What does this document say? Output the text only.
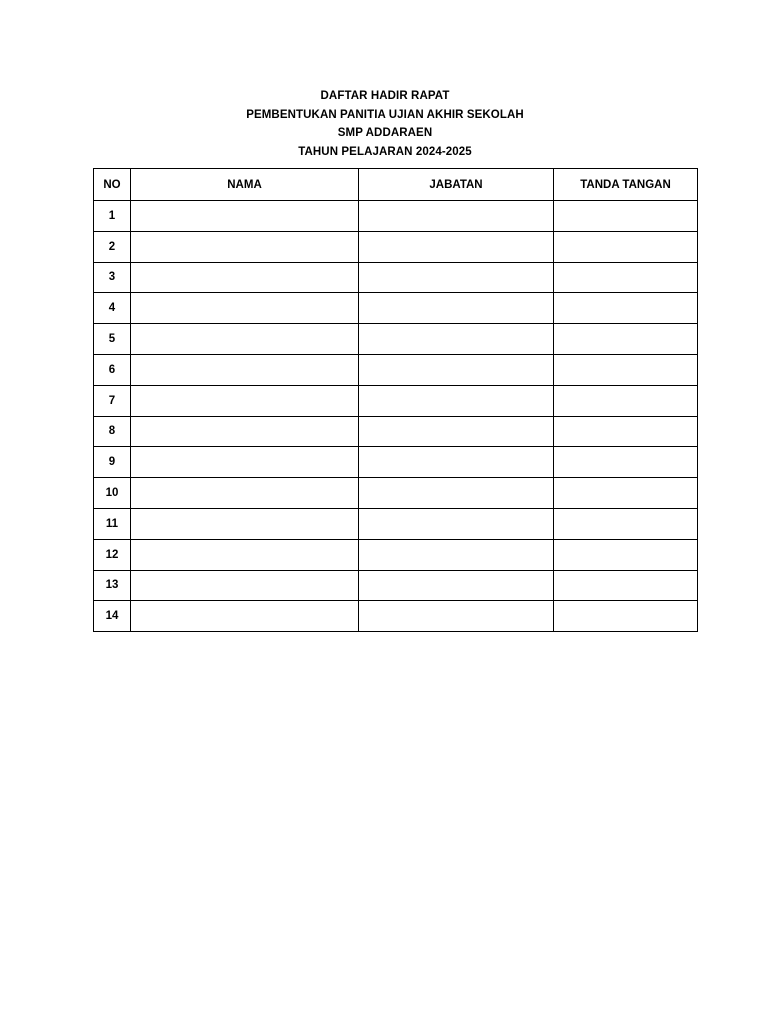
DAFTAR HADIR RAPAT
PEMBENTUKAN PANITIA UJIAN AKHIR SEKOLAH
SMP ADDARAEN
TAHUN PELAJARAN 2024-2025
NO	NAMA	JABATAN	TANDA TANGAN
1			
2			
3			
4			
5			
6			
7			
8			
9			
10			
11			
12			
13			
14			
